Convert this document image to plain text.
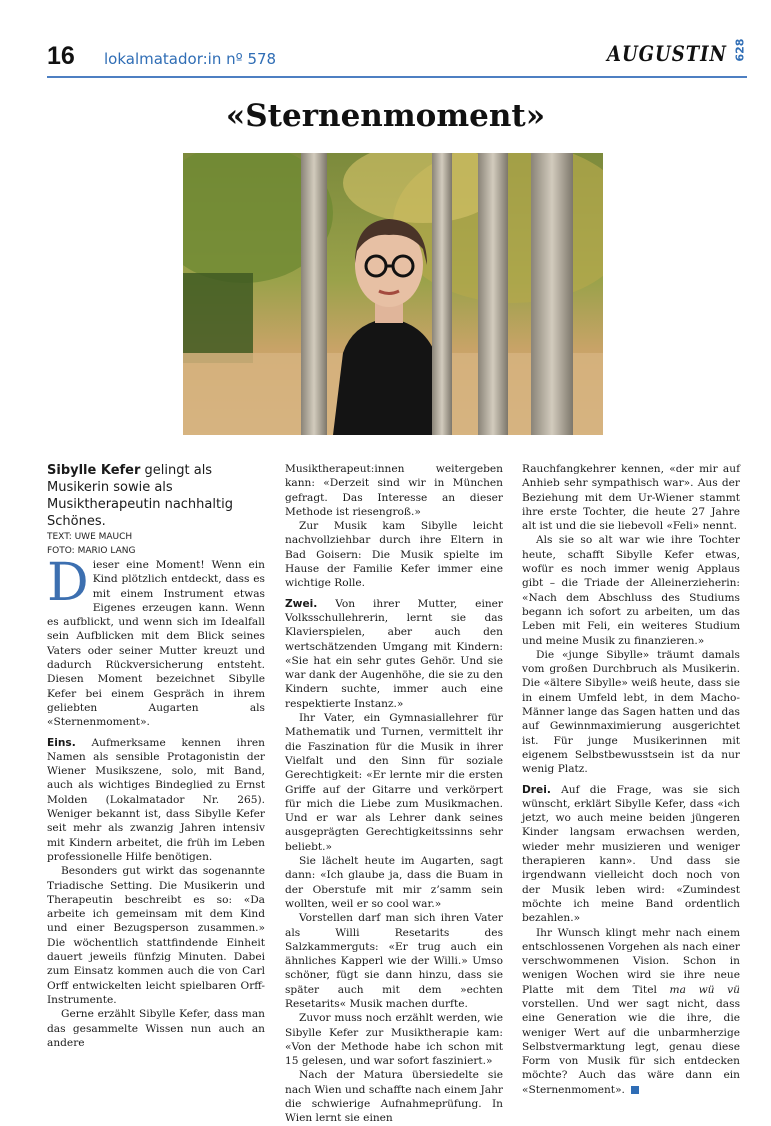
16 lokalmatador:in nº 578	AUGUSTIN 628
«Sternenmoment»

Sibylle Kefer gelingt als Musikerin sowie als Musiktherapeutin nachhaltig Schönes.

TEXT: UWE MAUCH
FOTO: MARIO LANG

Dieser eine Moment! Wenn ein Kind plötzlich entdeckt, dass es mit einem Instrument etwas Eigenes erzeugen kann. Wenn es aufblickt, und wenn sich im Idealfall sein Aufblicken mit dem Blick seines Vaters oder seiner Mutter kreuzt und dadurch Rückversicherung entsteht. Diesen Moment bezeichnet Sibylle Kefer bei einem Gespräch in ihrem geliebten Augarten als «Sternenmoment».

Eins. Aufmerksame kennen ihren Namen als sensible Protagonistin der Wiener Musikszene, solo, mit Band, auch als wichtiges Bindeglied zu Ernst Molden (Lokalmatador Nr. 265). Weniger bekannt ist, dass Sibylle Kefer seit mehr als zwanzig Jahren intensiv mit Kindern arbeitet, die früh im Leben professionelle Hilfe benötigen.

Besonders gut wirkt das sogenannte Triadische Setting. Die Musikerin und Therapeutin beschreibt es so: «Da arbeite ich gemeinsam mit dem Kind und einer Bezugsperson zusammen.» Die wöchentlich stattfindende Einheit dauert jeweils fünfzig Minuten. Dabei zum Einsatz kommen auch die von Carl Orff entwickelten leicht spielbaren Orff-Instrumente.

Gerne erzählt Sibylle Kefer, dass man das gesammelte Wissen nun auch an andere

Musiktherapeut:innen weitergeben kann: «Derzeit sind wir in München gefragt. Das Interesse an dieser Methode ist riesengroß.»

Zur Musik kam Sibylle leicht nachvollziehbar durch ihre Eltern in Bad Goisern: Die Musik spielte im Hause der Familie Kefer immer eine wichtige Rolle.

Zwei. Von ihrer Mutter, einer Volksschullehrerin, lernt sie das Klavierspielen, aber auch den wertschätzenden Umgang mit Kindern: «Sie hat ein sehr gutes Gehör. Und sie war dank der Augenhöhe, die sie zu den Kindern suchte, immer auch eine respektierte Instanz.»

Ihr Vater, ein Gymnasiallehrer für Mathematik und Turnen, vermittelt ihr die Faszination für die Musik in ihrer Vielfalt und den Sinn für soziale Gerechtigkeit: «Er lernte mir die ersten Griffe auf der Gitarre und verkörpert für mich die Liebe zum Musikmachen. Und er war als Lehrer dank seines ausgeprägten Gerechtigkeitssinns sehr beliebt.»

Sie lächelt heute im Augarten, sagt dann: «Ich glaube ja, dass die Buam in der Oberstufe mit mir z’samm sein wollten, weil er so cool war.»

Vorstellen darf man sich ihren Vater als Willi Resetarits des Salzkammerguts: «Er trug auch ein ähnliches Kapperl wie der Willi.» Umso schöner, fügt sie dann hinzu, dass sie später auch mit dem »echten Resetarits« Musik machen durfte.

Zuvor muss noch erzählt werden, wie Sibylle Kefer zur Musiktherapie kam: «Von der Methode habe ich schon mit 15 gelesen, und war sofort fasziniert.»

Nach der Matura übersiedelte sie nach Wien und schaffte nach einem Jahr die schwierige Aufnahmeprüfung. In Wien lernt sie einen

Rauchfangkehrer kennen, «der mir auf Anhieb sehr sympathisch war». Aus der Beziehung mit dem Ur-Wiener stammt ihre erste Tochter, die heute 27 Jahre alt ist und die sie liebevoll «Feli» nennt.

Als sie so alt war wie ihre Tochter heute, schafft Sibylle Kefer etwas, wofür es noch immer wenig Applaus gibt – die Triade der Alleinerzieherin: «Nach dem Abschluss des Studiums begann ich sofort zu arbeiten, um das Leben mit Feli, ein weiteres Studium und meine Musik zu finanzieren.»

Die «junge Sibylle» träumt damals vom großen Durchbruch als Musikerin. Die «ältere Sibylle» weiß heute, dass sie in einem Umfeld lebt, in dem Macho-Männer lange das Sagen hatten und das auf Gewinnmaximierung ausgerichtet ist. Für junge Musikerinnen mit eigenem Selbstbewusstsein ist da nur wenig Platz.

Drei. Auf die Frage, was sie sich wünscht, erklärt Sibylle Kefer, dass «ich jetzt, wo auch meine beiden jüngeren Kinder langsam erwachsen werden, wieder mehr musizieren und weniger therapieren kann». Und dass sie irgendwann vielleicht doch noch von der Musik leben wird: «Zumindest möchte ich meine Band ordentlich bezahlen.»

Ihr Wunsch klingt mehr nach einem entschlossenen Vorgehen als nach einer verschwommenen Vision. Schon in wenigen Wochen wird sie ihre neue Platte mit dem Titel ma wü vü vorstellen. Und wer sagt nicht, dass eine Generation wie die ihre, die weniger Wert auf die unbarmherzige Selbstvermarktung legt, genau diese Form von Musik für sich entdecken möchte? Auch das wäre dann ein «Sternenmoment».
